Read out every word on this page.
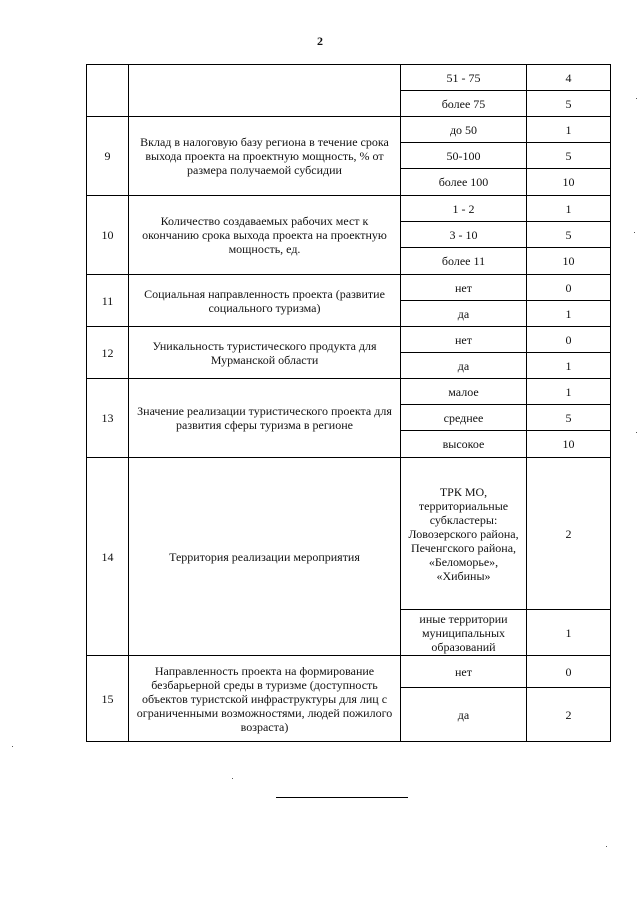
2
		51 - 75	4
		более 75	5
9	Вклад в налоговую базу региона в течение срока выхода проекта на проектную мощность, % от размера получаемой субсидии	до 50	1
		50-100	5
		более 100	10
10	Количество создаваемых рабочих мест к окончанию срока выхода проекта на проектную мощность, ед.	1 - 2	1
		3 - 10	5
		более 11	10
11	Социальная направленность проекта (развитие социального туризма)	нет	0
		да	1
12	Уникальность туристического продукта для Мурманской области	нет	0
		да	1
13	Значение реализации туристического проекта для развития сферы туризма в регионе	малое	1
		среднее	5
		высокое	10
14	Территория реализации мероприятия	ТРК МО, территориальные субкластеры: Ловозерского района, Печенгского района, «Беломорье», «Хибины»	2
		иные территории муниципальных образований	1
15	Направленность проекта на формирование безбарьерной среды в туризме (доступность объектов туристской инфраструктуры для лиц с ограниченными возможностями, людей пожилого возраста)	нет	0
		да	2
